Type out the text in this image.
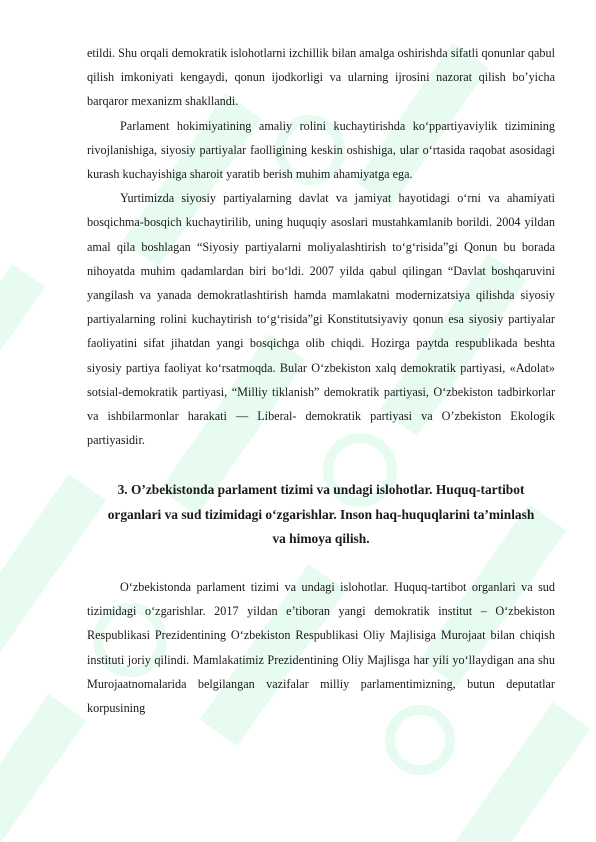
etildi. Shu orqali demokratik islohotlarni izchillik bilan amalga oshirishda sifatli qonunlar qabul qilish imkoniyati kengaydi, qonun ijodkorligi va ularning ijrosini nazorat qilish bo’yicha barqaror mexanizm shakllandi.

Parlament hokimiyatining amaliy rolini kuchaytirishda ko‘ppartiyaviylik tizimining rivojlanishiga, siyosiy partiyalar faolligining keskin oshishiga, ular o‘rtasida raqobat asosidagi kurash kuchayishiga sharoit yaratib berish muhim ahamiyatga ega.

Yurtimizda siyosiy partiyalarning davlat va jamiyat hayotidagi o‘rni va ahamiyati bosqichma-bosqich kuchaytirilib, uning huquqiy asoslari mustahkamlanib borildi. 2004 yildan amal qila boshlagan “Siyosiy partiyalarni moliyalashtirish to‘g‘risida”gi Qonun bu borada nihoyatda muhim qadamlardan biri bo‘ldi. 2007 yilda qabul qilingan “Davlat boshqaruvini yangilash va yanada demokratlashtirish hamda mamlakatni modernizatsiya qilishda siyosiy partiyalarning rolini kuchaytirish to‘g‘risida”gi Konstitutsiyaviy qonun esa siyosiy partiyalar faoliyatini sifat jihatdan yangi bosqichga olib chiqdi. Hozirga paytda respublikada beshta siyosiy partiya faoliyat ko‘rsatmoqda. Bular O‘zbekiston xalq demokratik partiyasi, «Adolat» sotsial-demokratik partiyasi, “Milliy tiklanish” demokratik partiyasi, O‘zbekiston tadbirkorlar va ishbilarmonlar harakati — Liberal- demokratik partiyasi va O’zbekiston Ekologik partiyasidir.

3. O’zbekistonda parlament tizimi va undagi islohotlar. Huquq-tartibot organlari va sud tizimidagi o‘zgarishlar. Inson haq-huquqlarini ta’minlash va himoya qilish.

O‘zbekistonda parlament tizimi va undagi islohotlar. Huquq-tartibot organlari va sud tizimidagi o‘zgarishlar. 2017 yildan e’tiboran yangi demokratik institut – O‘zbekiston Respublikasi Prezidentining O‘zbekiston Respublikasi Oliy Majlisiga Murojaat bilan chiqish instituti joriy qilindi. Mamlakatimiz Prezidentining Oliy Majlisga har yili yo‘llaydigan ana shu Murojaatnomalarida belgilangan vazifalar milliy parlamentimizning, butun deputatlar korpusining
